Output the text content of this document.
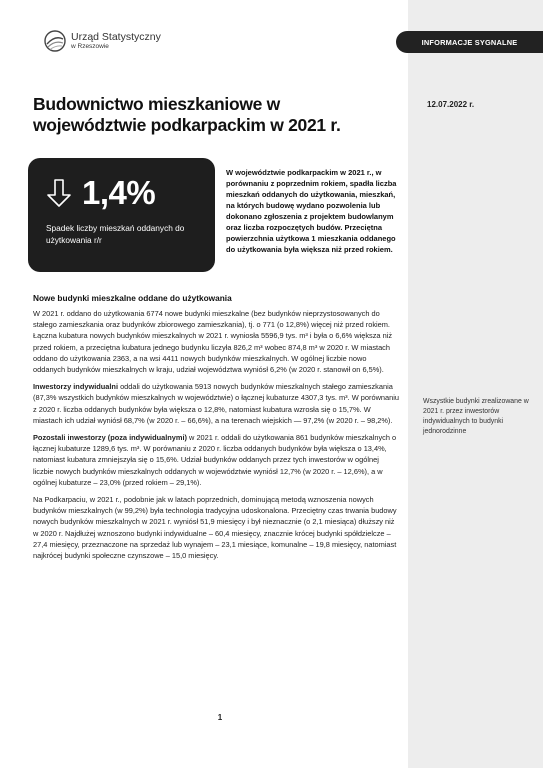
INFORMACJE SYGNALNE
Urząd Statystyczny
w Rzeszowie
Budownictwo mieszkaniowe w województwie podkarpackim w 2021 r.
12.07.2022 r.
1,4%
Spadek liczby mieszkań oddanych do użytkowania r/r
W województwie podkarpackim w 2021 r., w porównaniu z poprzednim rokiem, spadła liczba mieszkań oddanych do użytkowania, mieszkań, na których budowę wydano pozwolenia lub dokonano zgłoszenia z projektem budowlanym oraz liczba rozpoczętych budów. Przeciętna powierzchnia użytkowa 1 mieszkania oddanego do użytkowania była większa niż przed rokiem.
Nowe budynki mieszkalne oddane do użytkowania

W 2021 r. oddano do użytkowania 6774 nowe budynki mieszkalne (bez budynków nieprzystosowanych do stałego zamieszkania oraz budynków zbiorowego zamieszkania), tj. o 771 (o 12,8%) więcej niż przed rokiem. Łączna kubatura nowych budynków mieszkalnych w 2021 r. wyniosła 5596,9 tys. m³ i była o 6,6% większa niż przed rokiem, a przeciętna kubatura jednego budynku liczyła 826,2 m³ wobec 874,8 m³ w 2020 r. W miastach oddano do użytkowania 2363, a na wsi 4411 nowych budynków mieszkalnych. W ogólnej liczbie nowo oddanych budynków mieszkalnych w kraju, udział województwa wyniósł 6,2% (w 2020 r. stanowił on 6,5%).

Inwestorzy indywidualni oddali do użytkowania 5913 nowych budynków mieszkalnych stałego zamieszkania (87,3% wszystkich budynków mieszkalnych w województwie) o łącznej kubaturze 4307,3 tys. m³. W porównaniu z 2020 r. liczba oddanych budynków była większa o 12,8%, natomiast kubatura wzrosła się o 15,7%. W miastach ich udział wyniósł 68,7% (w 2020 r. – 66,6%), a na terenach wiejskich — 97,2% (w 2020 r. – 98,2%).

Pozostali inwestorzy (poza indywidualnymi) w 2021 r. oddali do użytkowania 861 budynków mieszkalnych o łącznej kubaturze 1289,6 tys. m³. W porównaniu z 2020 r. liczba oddanych budynków była większa o 13,4%, natomiast kubatura zmniejszyła się o 15,6%. Udział budynków oddanych przez tych inwestorów w ogólnej liczbie nowych budynków mieszkalnych oddanych w województwie wyniósł 12,7% (w 2020 r. – 12,6%), a w ogólnej kubaturze – 23,0% (przed rokiem – 29,1%).

Na Podkarpaciu, w 2021 r., podobnie jak w latach poprzednich, dominującą metodą wznoszenia nowych budynków mieszkalnych (w 99,2%) była technologia tradycyjna udoskonalona. Przeciętny czas trwania budowy nowych budynków mieszkalnych w 2021 r. wyniósł 51,9 miesięcy i był nieznacznie (o 2,1 miesiąca) dłuższy niż w 2020 r. Najdłużej wznoszono budynki indywidualne – 60,4 miesięcy, znacznie krócej budynki spółdzielcze – 27,4 miesięcy, przeznaczone na sprzedaż lub wynajem – 23,1 miesiące, komunalne – 19,8 miesięcy, natomiast najkrócej budynki społeczne czynszowe – 15,0 miesięcy.

Wszystkie budynki zrealizowane w 2021 r. przez inwestorów indywidualnych to budynki jednorodzinne
1
